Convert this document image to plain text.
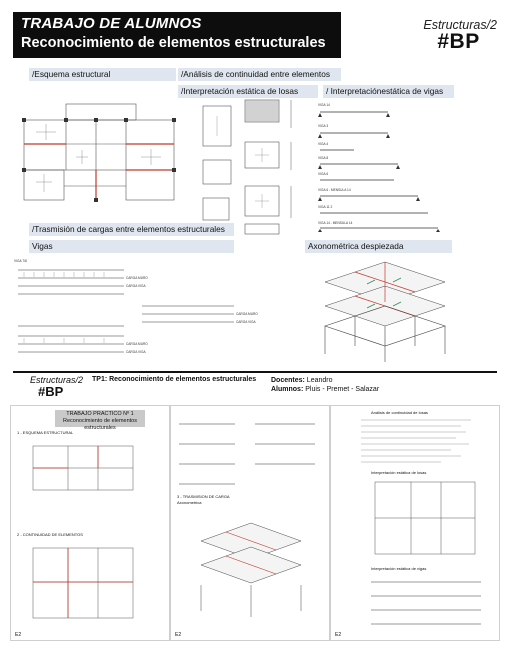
TRABAJO DE ALUMNOS
Reconocimiento de elementos estructurales
Estructuras/2
#BP
/Esquema estructural	/Análisis de continuidad entre elementos
/Interpretación estática de losas	/ Interpretaciónestática de vigas
/Trasmisión de cargas entre elementos estructurales
Vigas	Axonométrica despiezada
VIGA 14
VIGA 3
VIGA 4
VIGA 8
VIGA 6
VIGA 6 - MENSULA 14
VIGA 11 2
VIGA 14 - MENSULA 14
VIGA 7/8
CARGA MURO
CARGA VIGA
CARGA MURO
CARGA VIGA
CARGA MURO
CARGA VIGA
Estructuras/2
#BP
TP1: Reconocimiento de elementos estructurales Docentes: Leandro
Alumnos: Pluis - Premet - Salazar
TRABAJO PRACTICO Nº 1
Reconocimiento de elementos estructurales
1 - ESQUEMA ESTRUCTURAL
2 - CONTINUIDAD DE ELEMENTOS
E2
3 - TRASMISION DE CARGA
Axonometrica
E2
Análisis de continuidad de losas
Interpretación estática de losas
Interpretación estática de vigas
E2
